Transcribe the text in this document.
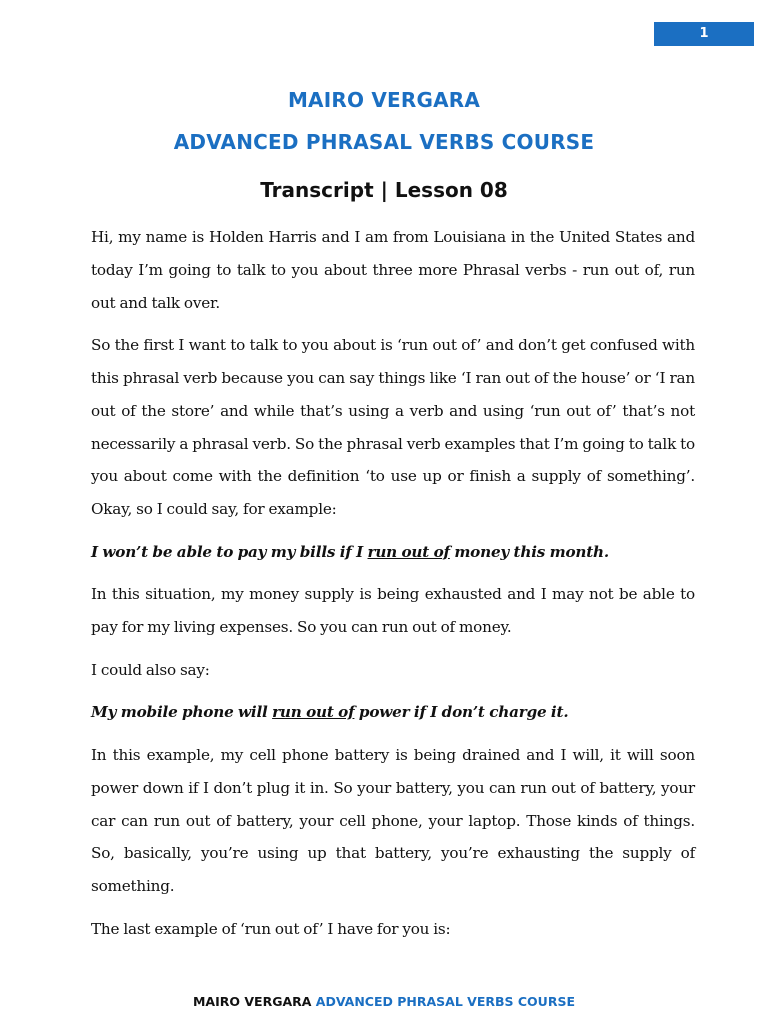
1
MAIRO VERGARA
ADVANCED PHRASAL VERBS COURSE
Transcript | Lesson 08

Hi, my name is Holden Harris and I am from Louisiana in the United States and today I’m going to talk to you about three more Phrasal verbs - run out of, run out and talk over.

So the first I want to talk to you about is ‘run out of’ and don’t get confused with this phrasal verb because you can say things like ‘I ran out of the house’ or ‘I ran out of the store’ and while that’s using a verb and using ‘run out of’ that’s not necessarily a phrasal verb. So the phrasal verb examples that I’m going to talk to you about come with the definition ‘to use up or finish a supply of something’. Okay, so I could say, for example:

I won’t be able to pay my bills if I run out of money this month.

In this situation, my money supply is being exhausted and I may not be able to pay for my living expenses. So you can run out of money.

I could also say:

My mobile phone will run out of power if I don’t charge it.

In this example, my cell phone battery is being drained and I will, it will soon power down if I don’t plug it in. So your battery, you can run out of battery, your car can run out of battery, your cell phone, your laptop. Those kinds of things. So, basically, you’re using up that battery, you’re exhausting the supply of something.

The last example of ‘run out of’ I have for you is:

MAIRO VERGARA ADVANCED PHRASAL VERBS COURSE
